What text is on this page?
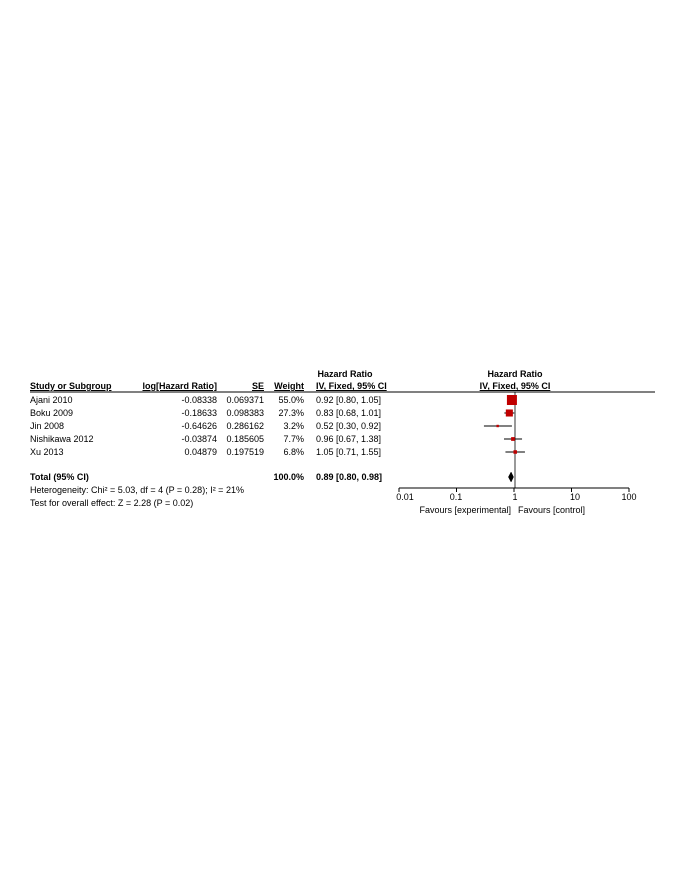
Hazard Ratio	Hazard Ratio
Study or Subgroup	log[Hazard Ratio]	SE	Weight IV, Fixed, 95% CI	IV, Fixed, 95% CI
Ajani 2010	-0.08338	0.069371	55.0% 0.92 [0.80, 1.05]
Boku 2009	-0.18633	0.098383	27.3% 0.83 [0.68, 1.01]
Jin 2008	-0.64626	0.286162	3.2% 0.52 [0.30, 0.92]
Nishikawa 2012	-0.03874	0.185605	7.7% 0.96 [0.67, 1.38]
Xu 2013	0.04879	0.197519	6.8% 1.05 [0.71, 1.55]
Total (95% CI)	100.0% 0.89 [0.80, 0.98]
Heterogeneity: Chi² = 5.03, df = 4 (P = 0.28); I² = 21%
Test for overall effect: Z = 2.28 (P = 0.02)
0.01	0.1	1	10	100
Favours [experimental] Favours [control]
